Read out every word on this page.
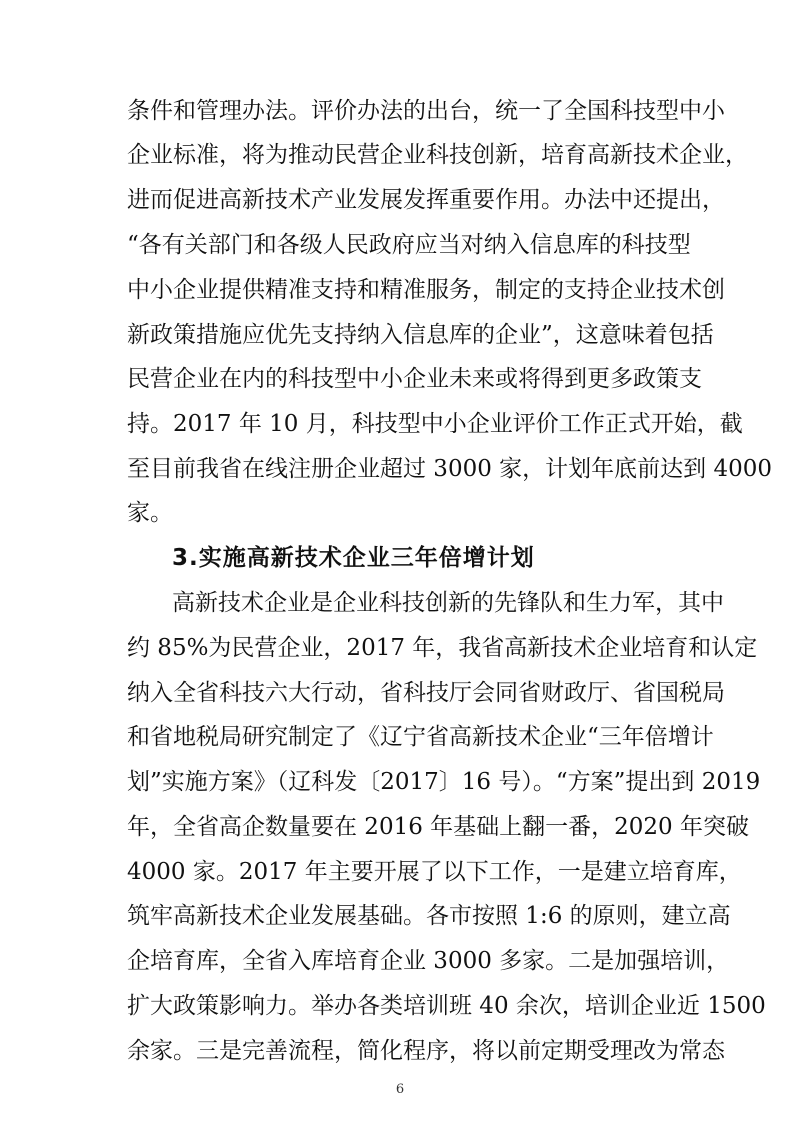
条件和管理办法。评价办法的出台，统一了全国科技型中小
企业标准，将为推动民营企业科技创新，培育高新技术企业，
进而促进高新技术产业发展发挥重要作用。办法中还提出，
“各有关部门和各级人民政府应当对纳入信息库的科技型
中小企业提供精准支持和精准服务，制定的支持企业技术创
新政策措施应优先支持纳入信息库的企业”，这意味着包括
民营企业在内的科技型中小企业未来或将得到更多政策支
持。2017 年 10 月，科技型中小企业评价工作正式开始，截
至目前我省在线注册企业超过 3000 家，计划年底前达到 4000
家。
3.实施高新技术企业三年倍增计划
高新技术企业是企业科技创新的先锋队和生力军，其中
约 85%为民营企业，2017 年，我省高新技术企业培育和认定
纳入全省科技六大行动，省科技厅会同省财政厅、省国税局
和省地税局研究制定了《辽宁省高新技术企业“三年倍增计
划”实施方案》（辽科发〔2017〕16 号）。“方案”提出到 2019
年，全省高企数量要在 2016 年基础上翻一番，2020 年突破
4000 家。2017 年主要开展了以下工作，一是建立培育库，
筑牢高新技术企业发展基础。各市按照 1:6 的原则，建立高
企培育库，全省入库培育企业 3000 多家。二是加强培训，
扩大政策影响力。举办各类培训班 40 余次，培训企业近 1500
余家。三是完善流程，简化程序，将以前定期受理改为常态
6
